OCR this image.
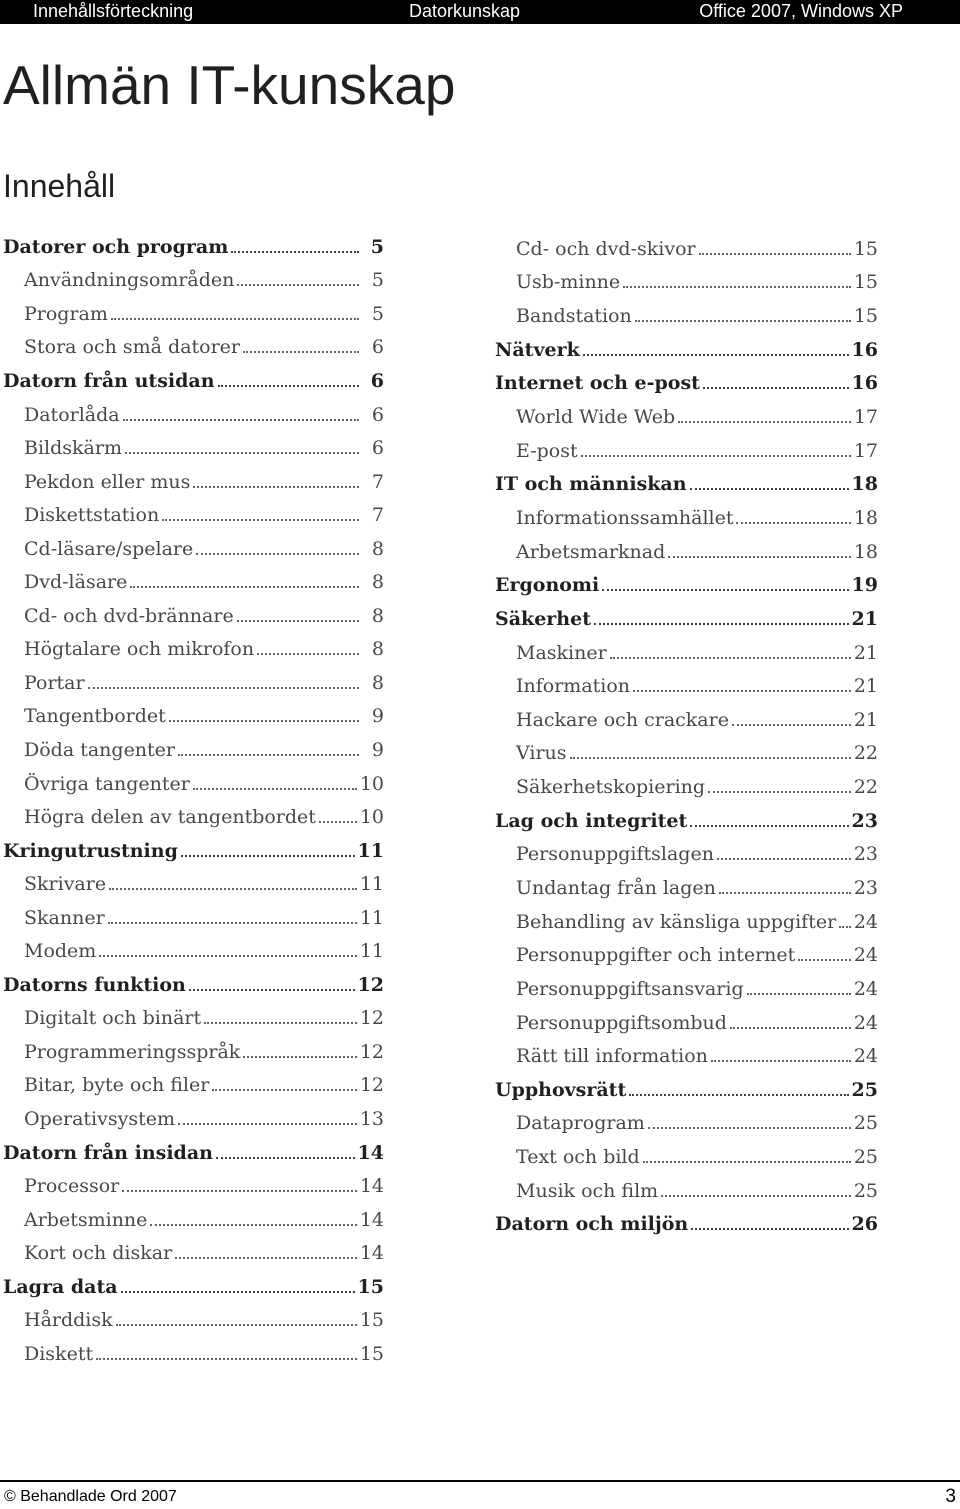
Innehållsförteckning	Datorkunskap	Office 2007, Windows XP
Allmän IT-kunskap
Innehåll
Datorer och program	5
Användningsområden	5
Program	5
Stora och små datorer	6
Datorn från utsidan	6
Datorlåda	6
Bildskärm	6
Pekdon eller mus	7
Diskettstation	7
Cd-läsare/spelare	8
Dvd-läsare	8
Cd- och dvd-brännare	8
Högtalare och mikrofon	8
Portar	8
Tangentbordet	9
Döda tangenter	9
Övriga tangenter	10
Högra delen av tangentbordet 10
Kringutrustning	11
Skrivare	11
Skanner	11
Modem	11
Datorns funktion	12
Digitalt och binärt	12
Programmeringsspråk	12
Bitar, byte och filer	12
Operativsystem	13
Datorn från insidan	14
Processor	14
Arbetsminne	14
Kort och diskar	14
Lagra data	15
Hårddisk	15
Diskett	15
Cd- och dvd-skivor	15
Usb-minne	15
Bandstation	15
Nätverk	16
Internet och e-post	16
World Wide Web	17
E-post	17
IT och människan	18
Informationssamhället	18
Arbetsmarknad	18
Ergonomi	19
Säkerhet	21
Maskiner	21
Information	21
Hackare och crackare	21
Virus	22
Säkerhetskopiering	22
Lag och integritet	23
Personuppgiftslagen	23
Undantag från lagen	23
Behandling av känsliga uppgifter 24
Personuppgifter och internet	24
Personuppgiftsansvarig	24
Personuppgiftsombud	24
Rätt till information	24
Upphovsrätt	25
Dataprogram	25
Text och bild	25
Musik och film	25
Datorn och miljön	26
© Behandlade Ord 2007	3
